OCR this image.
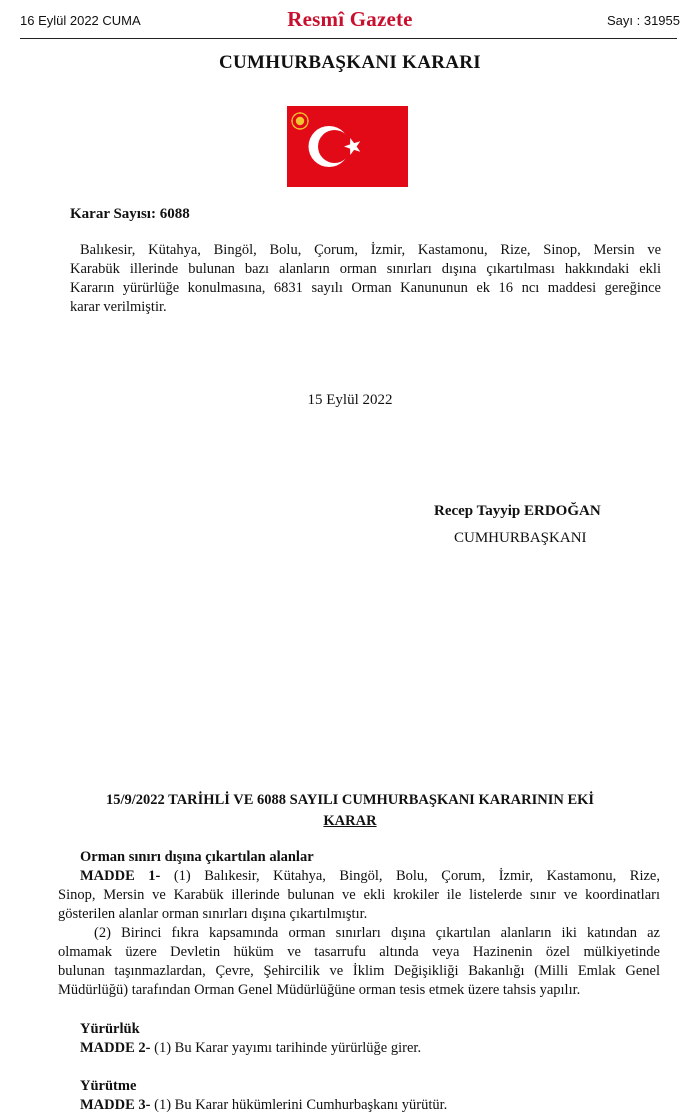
16 Eylül 2022 CUMA	Resmî Gazete	Sayı : 31955
CUMHURBAŞKANI KARARI
Karar Sayısı: 6088
Balıkesir, Kütahya, Bingöl, Bolu, Çorum, İzmir, Kastamonu, Rize, Sinop, Mersin ve
Karabük illerinde bulunan bazı alanların orman sınırları dışına çıkartılması hakkındaki ekli
Kararın yürürlüğe konulmasına, 6831 sayılı Orman Kanununun ek 16 ncı maddesi gereğince
karar verilmiştir.
15 Eylül 2022
Recep Tayyip ERDOĞAN
CUMHURBAŞKANI
15/9/2022 TARİHLİ VE 6088 SAYILI CUMHURBAŞKANI KARARININ EKİ
KARAR
Orman sınırı dışına çıkartılan alanlar
MADDE 1- (1) Balıkesir, Kütahya, Bingöl, Bolu, Çorum, İzmir, Kastamonu, Rize,
Sinop, Mersin ve Karabük illerinde bulunan ve ekli krokiler ile listelerde sınır ve koordinatları
gösterilen alanlar orman sınırları dışına çıkartılmıştır.
(2) Birinci fıkra kapsamında orman sınırları dışına çıkartılan alanların iki katından az
olmamak üzere Devletin hüküm ve tasarrufu altında veya Hazinenin özel mülkiyetinde
bulunan taşınmazlardan, Çevre, Şehircilik ve İklim Değişikliği Bakanlığı (Milli Emlak Genel
Müdürlüğü) tarafından Orman Genel Müdürlüğüne orman tesis etmek üzere tahsis yapılır.
Yürürlük
MADDE 2- (1) Bu Karar yayımı tarihinde yürürlüğe girer.
Yürütme
MADDE 3- (1) Bu Karar hükümlerini Cumhurbaşkanı yürütür.
